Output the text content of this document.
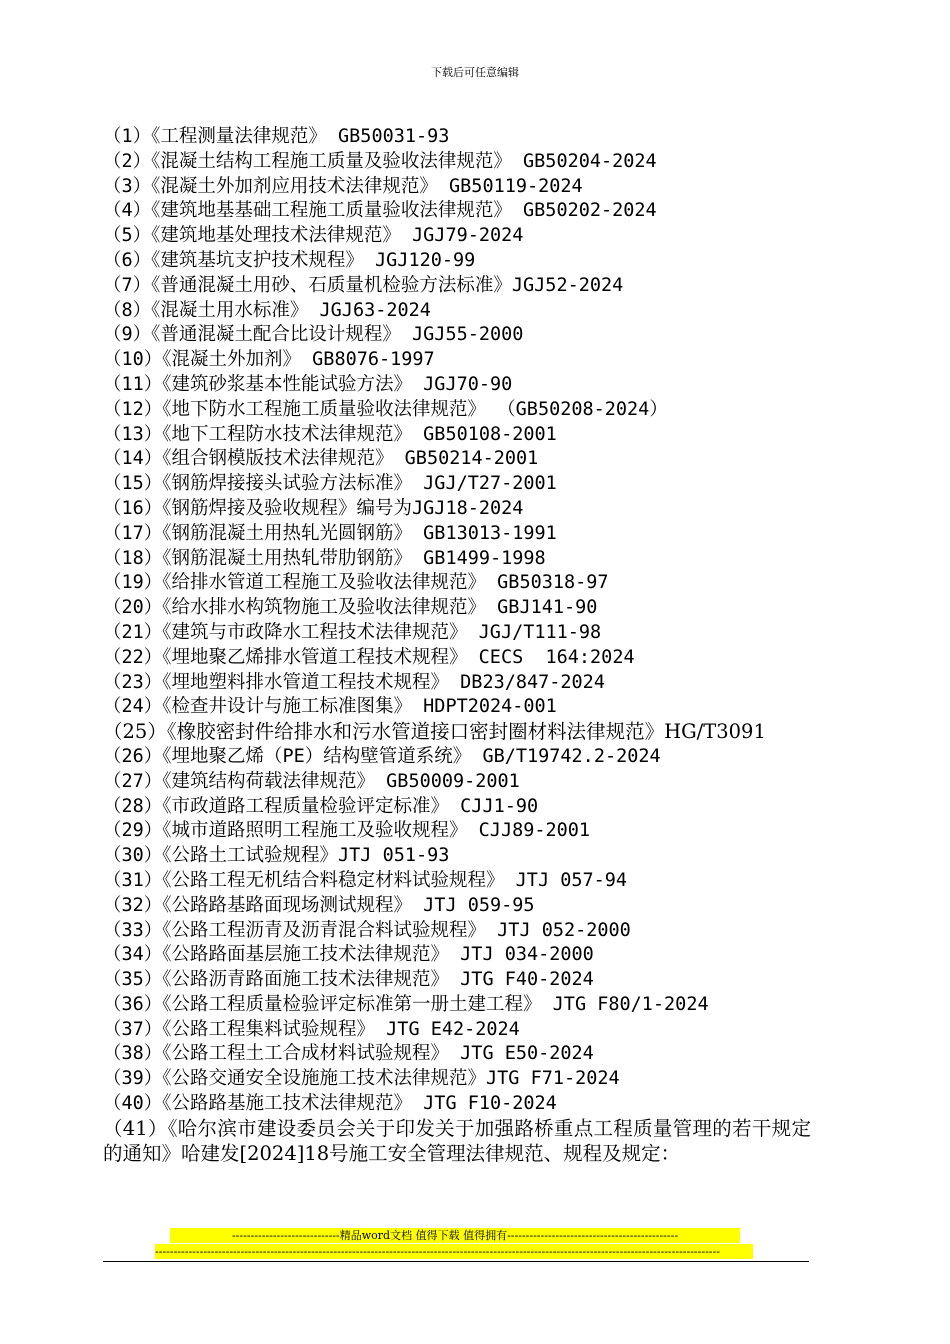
下载后可任意编辑
（1）《工程测量法律规范》 GB50031-93
（2）《混凝土结构工程施工质量及验收法律规范》 GB50204-2024
（3）《混凝土外加剂应用技术法律规范》 GB50119-2024
（4）《建筑地基基础工程施工质量验收法律规范》 GB50202-2024
（5）《建筑地基处理技术法律规范》 JGJ79-2024
（6）《建筑基坑支护技术规程》 JGJ120-99
（7）《普通混凝土用砂、石质量机检验方法标准》JGJ52-2024
（8）《混凝土用水标准》 JGJ63-2024
（9）《普通混凝土配合比设计规程》 JGJ55-2000
（10）《混凝土外加剂》 GB8076-1997
（11）《建筑砂浆基本性能试验方法》 JGJ70-90
（12）《地下防水工程施工质量验收法律规范》 （GB50208-2024）
（13）《地下工程防水技术法律规范》 GB50108-2001
（14）《组合钢模版技术法律规范》 GB50214-2001
（15）《钢筋焊接接头试验方法标准》 JGJ/T27-2001
（16）《钢筋焊接及验收规程》编号为JGJ18-2024
（17）《钢筋混凝土用热轧光圆钢筋》 GB13013-1991
（18）《钢筋混凝土用热轧带肋钢筋》 GB1499-1998
（19）《给排水管道工程施工及验收法律规范》 GB50318-97
（20）《给水排水构筑物施工及验收法律规范》 GBJ141-90
（21）《建筑与市政降水工程技术法律规范》 JGJ/T111-98
（22）《埋地聚乙烯排水管道工程技术规程》 CECS  164:2024
（23）《埋地塑料排水管道工程技术规程》 DB23/847-2024
（24）《检查井设计与施工标准图集》 HDPT2024-001
（25）《橡胶密封件给排水和污水管道接口密封圈材料法律规范》HG/T3091
（26）《埋地聚乙烯（PE）结构壁管道系统》 GB/T19742.2-2024
（27）《建筑结构荷载法律规范》 GB50009-2001
（28）《市政道路工程质量检验评定标准》 CJJ1-90
（29）《城市道路照明工程施工及验收规程》 CJJ89-2001
（30）《公路土工试验规程》JTJ 051-93
（31）《公路工程无机结合料稳定材料试验规程》 JTJ 057-94
（32）《公路路基路面现场测试规程》 JTJ 059-95
（33）《公路工程沥青及沥青混合料试验规程》 JTJ 052-2000
（34）《公路路面基层施工技术法律规范》 JTJ 034-2000
（35）《公路沥青路面施工技术法律规范》 JTG F40-2024
（36）《公路工程质量检验评定标准第一册土建工程》 JTG F80/1-2024
（37）《公路工程集料试验规程》 JTG E42-2024
（38）《公路工程土工合成材料试验规程》 JTG E50-2024
（39）《公路交通安全设施施工技术法律规范》JTG F71-2024
（40）《公路路基施工技术法律规范》 JTG F10-2024
（41）《哈尔滨市建设委员会关于印发关于加强路桥重点工程质量管理的若干规定的通知》哈建发[2024]18号施工安全管理法律规范、规程及规定：
-----------------------------精品word文档 值得下载 值得拥有----------------------------------------------
--------------------------------------------------------------------------------------------------------------------------------------------------------
